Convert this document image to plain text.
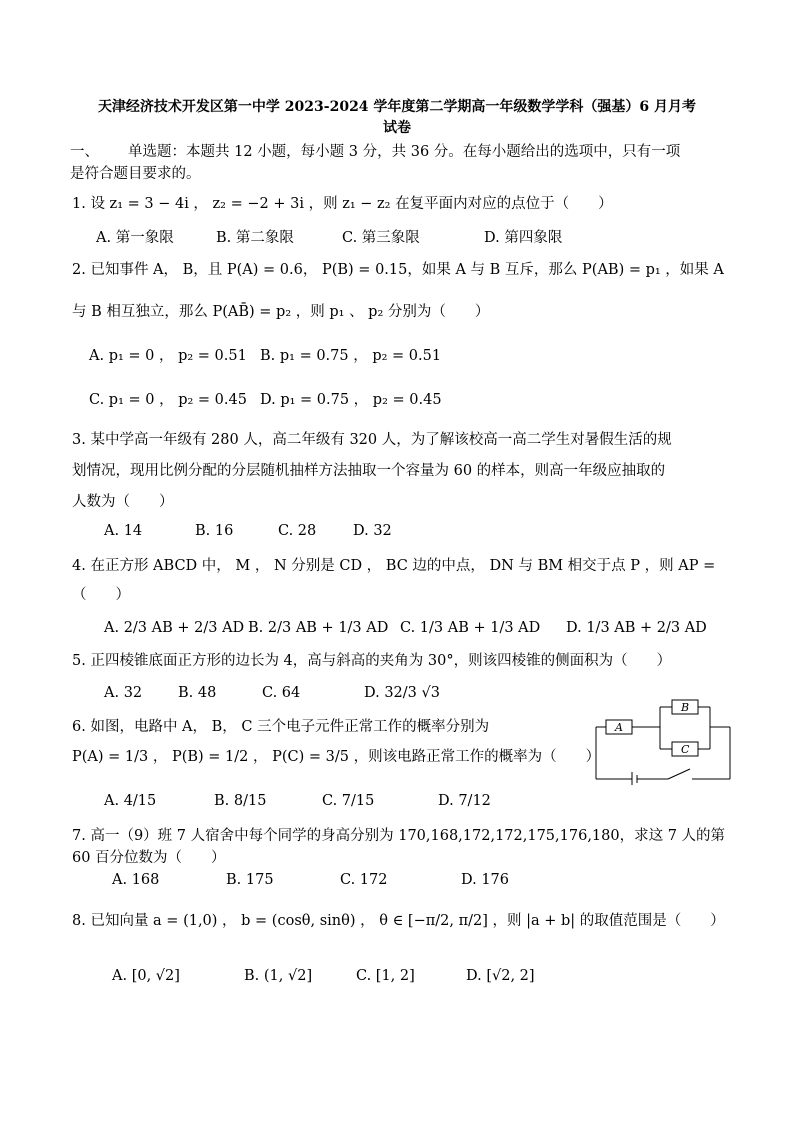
天津经济技术开发区第一中学 2023-2024 学年度第二学期高一年级数学学科（强基）6 月月考
试卷
一、 单选题：本题共 12 小题，每小题 3 分，共 36 分。在每小题给出的选项中，只有一项
是符合题目要求的。
1. 设 z₁ = 3 − 4i ， z₂ = −2 + 3i ，则 z₁ − z₂ 在复平面内对应的点位于（　　）
A. 第一象限	B. 第二象限	C. 第三象限	D. 第四象限
2. 已知事件 A， B，且 P(A) = 0.6， P(B) = 0.15，如果 A 与 B 互斥，那么 P(AB) = p₁ ，如果 A
与 B 相互独立，那么 P(AB̄) = p₂ ，则 p₁ 、 p₂ 分别为（　　）
A. p₁ = 0 ， p₂ = 0.51 B. p₁ = 0.75 ， p₂ = 0.51
C. p₁ = 0 ， p₂ = 0.45 D. p₁ = 0.75 ， p₂ = 0.45
3. 某中学高一年级有 280 人，高二年级有 320 人，为了解该校高一高二学生对暑假生活的规
划情况，现用比例分配的分层随机抽样方法抽取一个容量为 60 的样本，则高一年级应抽取的
人数为（　　）
A. 14	B. 16	C. 28	D. 32
4. 在正方形 ABCD 中， M ， N 分别是 CD ， BC 边的中点， DN 与 BM 相交于点 P ，则 AP =
（　　）
A. 2/3 AB + 2/3 AD B. 2/3 AB + 1/3 AD C. 1/3 AB + 1/3 AD D. 1/3 AB + 2/3 AD
5. 正四棱锥底面正方形的边长为 4，高与斜高的夹角为 30°，则该四棱锥的侧面积为（　　）
A. 32 B. 48	C. 64	D. 32/3 √3
6. 如图，电路中 A， B， C 三个电子元件正常工作的概率分别为
P(A) = 1/3 ， P(B) = 1/2 ， P(C) = 3/5 ，则该电路正常工作的概率为（　　）
A. 4/15	B. 8/15	C. 7/15	D. 7/12
A
B
C
7. 高一（9）班 7 人宿舍中每个同学的身高分别为 170,168,172,172,175,176,180，求这 7 人的第
60 百分位数为（　　）
A. 168	B. 175	C. 172	D. 176
8. 已知向量 a = (1,0) ， b = (cosθ, sinθ) ， θ ∈ [−π/2, π/2] ，则 |a + b| 的取值范围是（　　）
A. [0, √2]	B. (1, √2]	C. [1, 2]	D. [√2, 2]
